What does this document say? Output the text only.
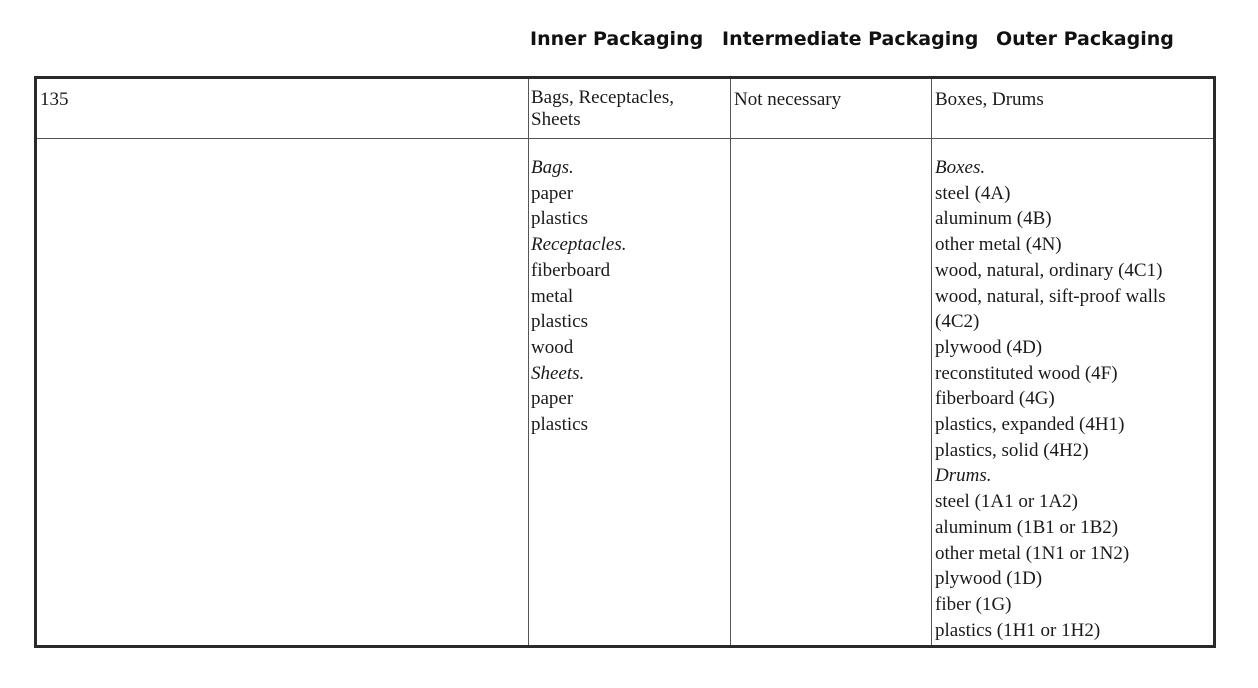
Inner Packaging Intermediate Packaging Outer Packaging
135	Bags, Receptacles,
Sheets
Not necessary	Boxes, Drums
Bags.
paper
plastics
Receptacles.
fiberboard
metal
plastics
wood
Sheets.
paper
plastics
Boxes.
steel (4A)
aluminum (4B)
other metal (4N)
wood, natural, ordinary (4C1)
wood, natural, sift-proof walls
(4C2)
plywood (4D)
reconstituted wood (4F)
fiberboard (4G)
plastics, expanded (4H1)
plastics, solid (4H2)
Drums.
steel (1A1 or 1A2)
aluminum (1B1 or 1B2)
other metal (1N1 or 1N2)
plywood (1D)
fiber (1G)
plastics (1H1 or 1H2)
